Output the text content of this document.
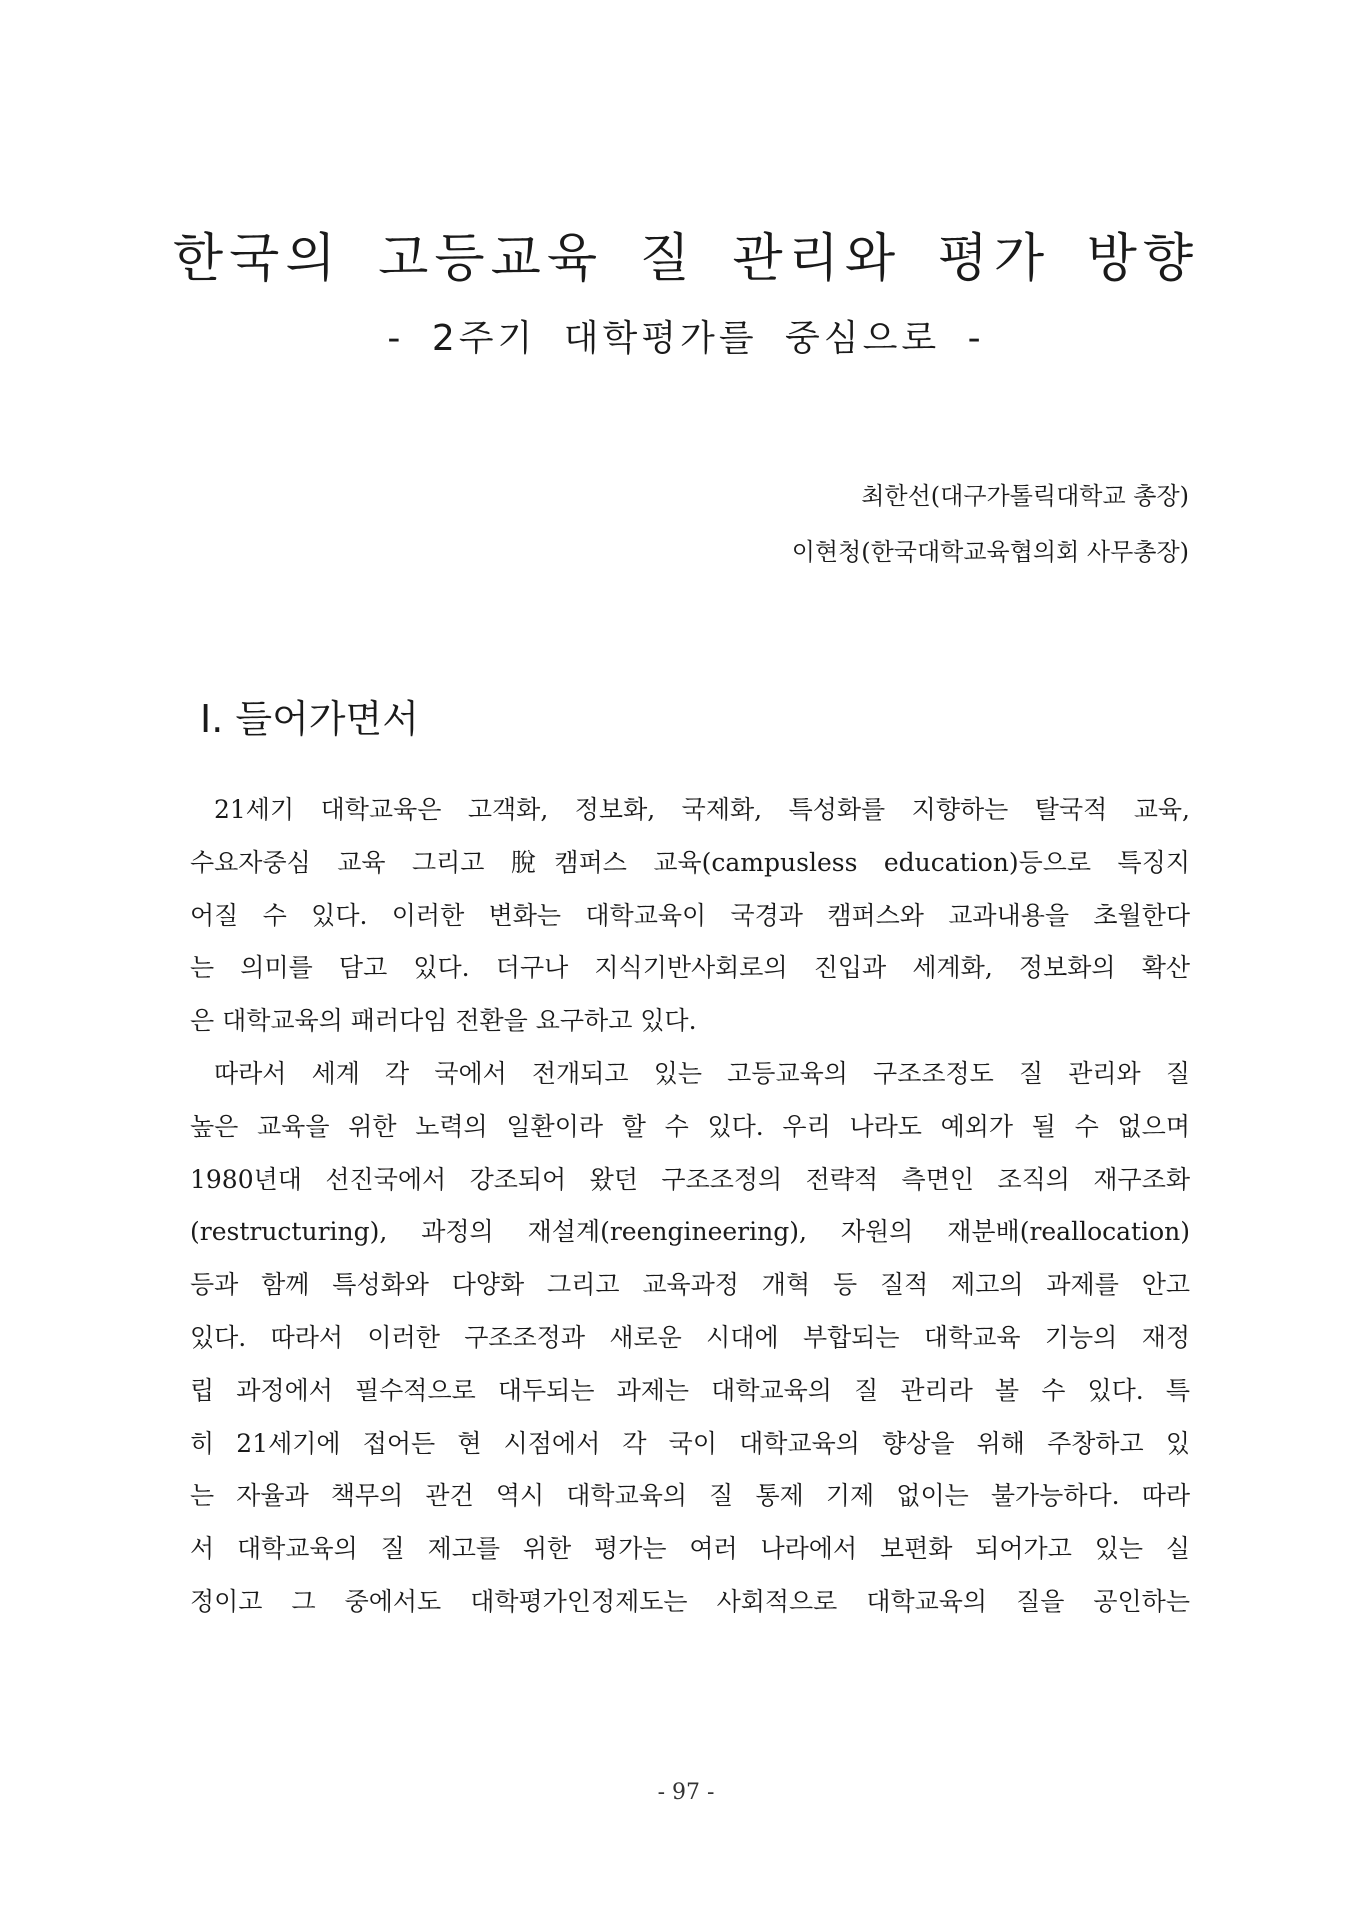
한국의 고등교육 질 관리와 평가 방향
- 2주기 대학평가를 중심으로 -
최한선(대구가톨릭대학교 총장)
이현청(한국대학교육협의회 사무총장)
Ⅰ. 들어가면서
21세기 대학교육은 고객화, 정보화, 국제화, 특성화를 지향하는 탈국적 교육,
수요자중심 교육 그리고 脫캠퍼스 교육(campusless education)등으로 특징지
어질 수 있다. 이러한 변화는 대학교육이 국경과 캠퍼스와 교과내용을 초월한다
는 의미를 담고 있다. 더구나 지식기반사회로의 진입과 세계화, 정보화의 확산
은 대학교육의 패러다임 전환을 요구하고 있다.
따라서 세계 각 국에서 전개되고 있는 고등교육의 구조조정도 질 관리와 질
높은 교육을 위한 노력의 일환이라 할 수 있다. 우리 나라도 예외가 될 수 없으며
1980년대 선진국에서 강조되어 왔던 구조조정의 전략적 측면인 조직의 재구조화
(restructuring), 과정의 재설계(reengineering), 자원의 재분배(reallocation)
등과 함께 특성화와 다양화 그리고 교육과정 개혁 등 질적 제고의 과제를 안고
있다. 따라서 이러한 구조조정과 새로운 시대에 부합되는 대학교육 기능의 재정
립 과정에서 필수적으로 대두되는 과제는 대학교육의 질 관리라 볼 수 있다. 특
히 21세기에 접어든 현 시점에서 각 국이 대학교육의 향상을 위해 주창하고 있
는 자율과 책무의 관건 역시 대학교육의 질 통제 기제 없이는 불가능하다. 따라
서 대학교육의 질 제고를 위한 평가는 여러 나라에서 보편화 되어가고 있는 실
정이고 그 중에서도 대학평가인정제도는 사회적으로 대학교육의 질을 공인하는
- 97 -
